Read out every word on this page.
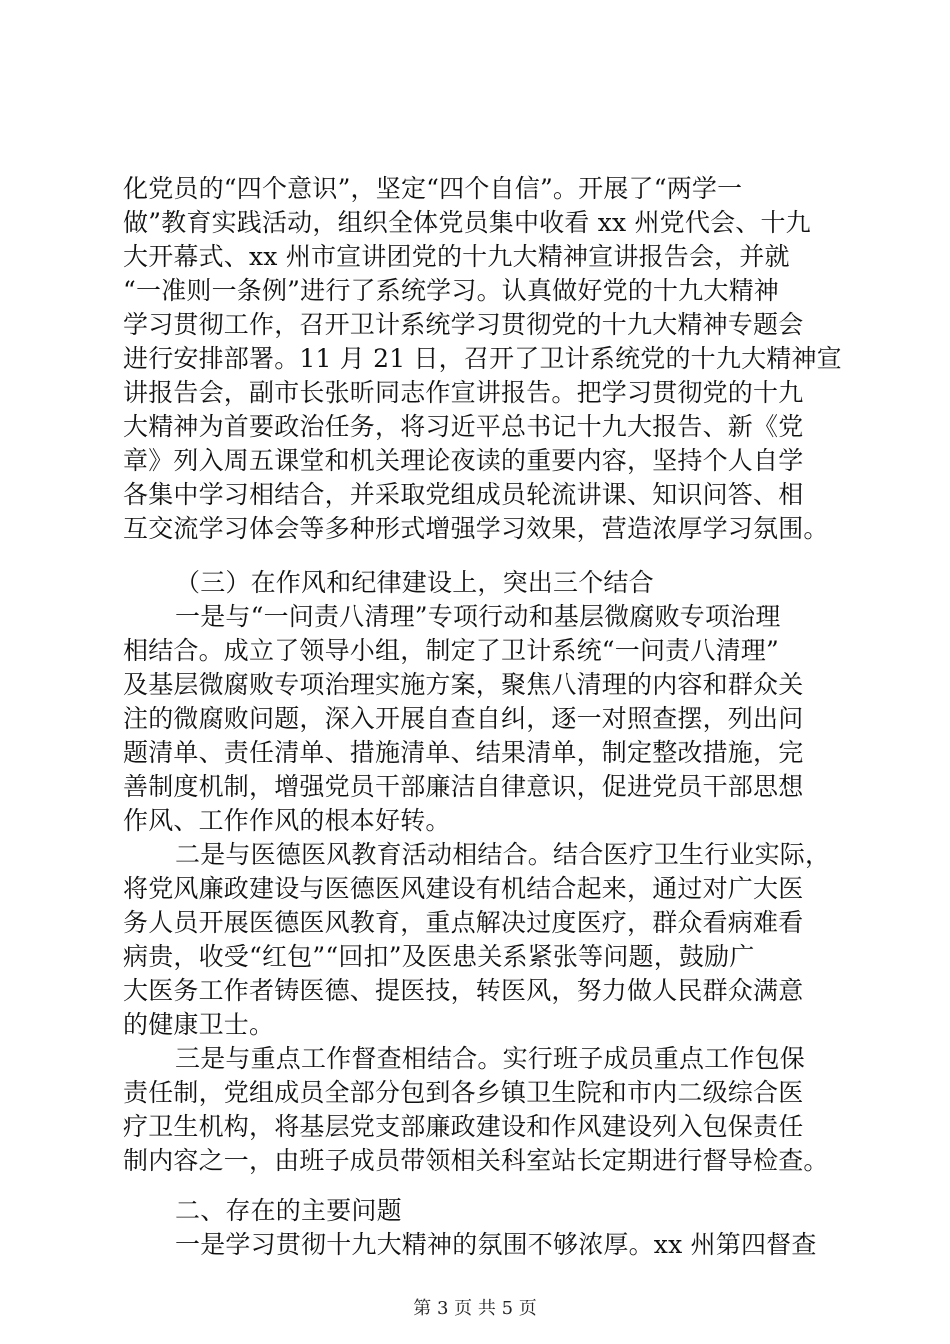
化党员的“四个意识”，坚定“四个自信”。开展了“两学一
做”教育实践活动，组织全体党员集中收看 xx 州党代会、十九
大开幕式、xx 州市宣讲团党的十九大精神宣讲报告会，并就
“一准则一条例”进行了系统学习。认真做好党的十九大精神
学习贯彻工作，召开卫计系统学习贯彻党的十九大精神专题会
进行安排部署。11 月 21 日，召开了卫计系统党的十九大精神宣
讲报告会，副市长张昕同志作宣讲报告。把学习贯彻党的十九
大精神为首要政治任务，将习近平总书记十九大报告、新《党
章》列入周五课堂和机关理论夜读的重要内容，坚持个人自学
各集中学习相结合，并采取党组成员轮流讲课、知识问答、相
互交流学习体会等多种形式增强学习效果，营造浓厚学习氛围。
（三）在作风和纪律建设上，突出三个结合
一是与“一问责八清理”专项行动和基层微腐败专项治理
相结合。成立了领导小组，制定了卫计系统“一问责八清理”
及基层微腐败专项治理实施方案，聚焦八清理的内容和群众关
注的微腐败问题，深入开展自查自纠，逐一对照查摆，列出问
题清单、责任清单、措施清单、结果清单，制定整改措施，完
善制度机制，增强党员干部廉洁自律意识，促进党员干部思想
作风、工作作风的根本好转。
二是与医德医风教育活动相结合。结合医疗卫生行业实际，
将党风廉政建设与医德医风建设有机结合起来，通过对广大医
务人员开展医德医风教育，重点解决过度医疗，群众看病难看
病贵，收受“红包”“回扣”及医患关系紧张等问题，鼓励广
大医务工作者铸医德、提医技，转医风，努力做人民群众满意
的健康卫士。
三是与重点工作督查相结合。实行班子成员重点工作包保
责任制，党组成员全部分包到各乡镇卫生院和市内二级综合医
疗卫生机构，将基层党支部廉政建设和作风建设列入包保责任
制内容之一，由班子成员带领相关科室站长定期进行督导检查。
二、存在的主要问题
一是学习贯彻十九大精神的氛围不够浓厚。xx 州第四督查
第 3 页 共 5 页
